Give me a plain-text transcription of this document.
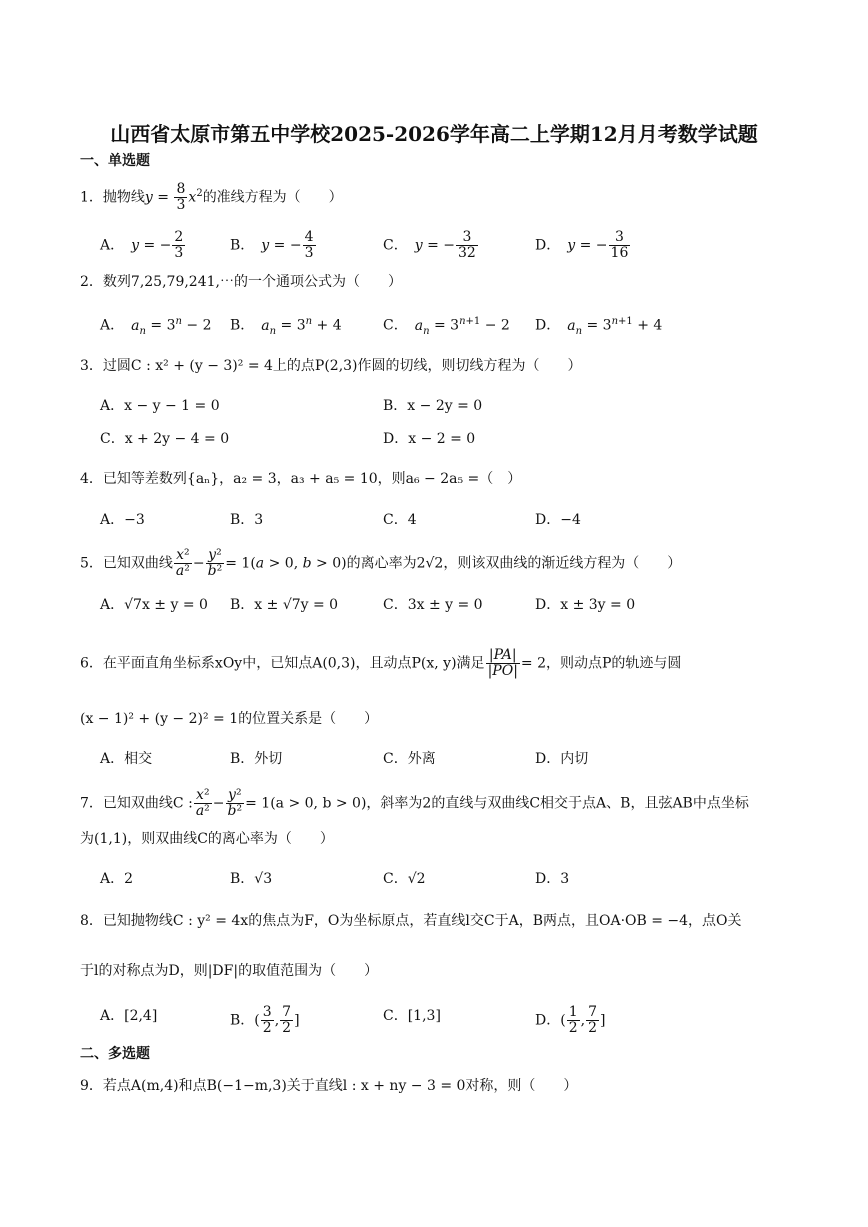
山西省太原市第五中学校2025-2026学年高二上学期12月月考数学试题
一、单选题
1．抛物线$y = \frac{8}{3} x^2$的准线方程为（　　）
A．　 y = − $\frac{2}{3}$	B．　 y = − $\frac{4}{3}$	C．　 y = − $\frac{3}{32}$	D．　 y = − $\frac{3}{16}$
2．数列7,25,79,241,⋯的一个通项公式为（　　）
A．　 $a_n = 3^n - 2$ B．　 $a_n = 3^n + 4$	C．　 $a_n = 3^{n+1} - 2$ D．　 $a_n = 3^{n+1} + 4$
3．过圆C : x² + (y − 3)² = 4上的点P(2,3)作圆的切线，则切线方程为（　　）
A．x − y − 1 = 0	B．x − 2y = 0
C．x + 2y − 4 = 0	D．x − 2 = 0
4．已知等差数列{aₙ}，a₂ = 3，a₃ + a₅ = 10，则a₆ − 2a₅ =（　）
A．−3	B．3	C．4	D．−4
5．已知双曲线 $\frac{\text{x²}}{\text{a²}} - \frac{\text{y²}}{\text{b²}} = 1(a > 0$, b > 0)的离心率为2√2，则该双曲线的渐近线方程为（　　）
A．√7x ± y = 0 B．x ± √7y = 0	C．3x ± y = 0	D．x ± 3y = 0
6．在平面直角坐标系xOy中，已知点A(0,3)，且动点P(x, y)满足 $\frac{|PA|}{|PO|} = 2$，则动点P的轨迹与圆
(x − 1)² + (y − 2)² = 1的位置关系是（　　）
A．相交	B．外切	C．外离	D．内切
7．已知双曲线C : $\frac{\text{x²}}{\text{a²}} - \frac{\text{y²}}{\text{b²}} = 1(a > 0$, b > 0)，斜率为2的直线与双曲线C相交于点A、B，且弦AB中点坐标
为(1,1)，则双曲线C的离心率为（　　）
A．2	B．√3	C．√2	D．3
8．已知抛物线C : y² = 4x的焦点为F，O为坐标原点，若直线l交C于A，B两点，且OA·OB = −4，点O关
于l的对称点为D，则|DF|的取值范围为（　　）
A．[2,4]	B．( $\frac{3}{2}$ , $\frac{7}{2}$ ]	C．[1,3]	D．( $\frac{1}{2}$ , $\frac{7}{2}$ ]
二、多选题
9．若点A(m,4)和点B(−1−m,3)关于直线l : x + ny − 3 = 0对称，则（　　）
